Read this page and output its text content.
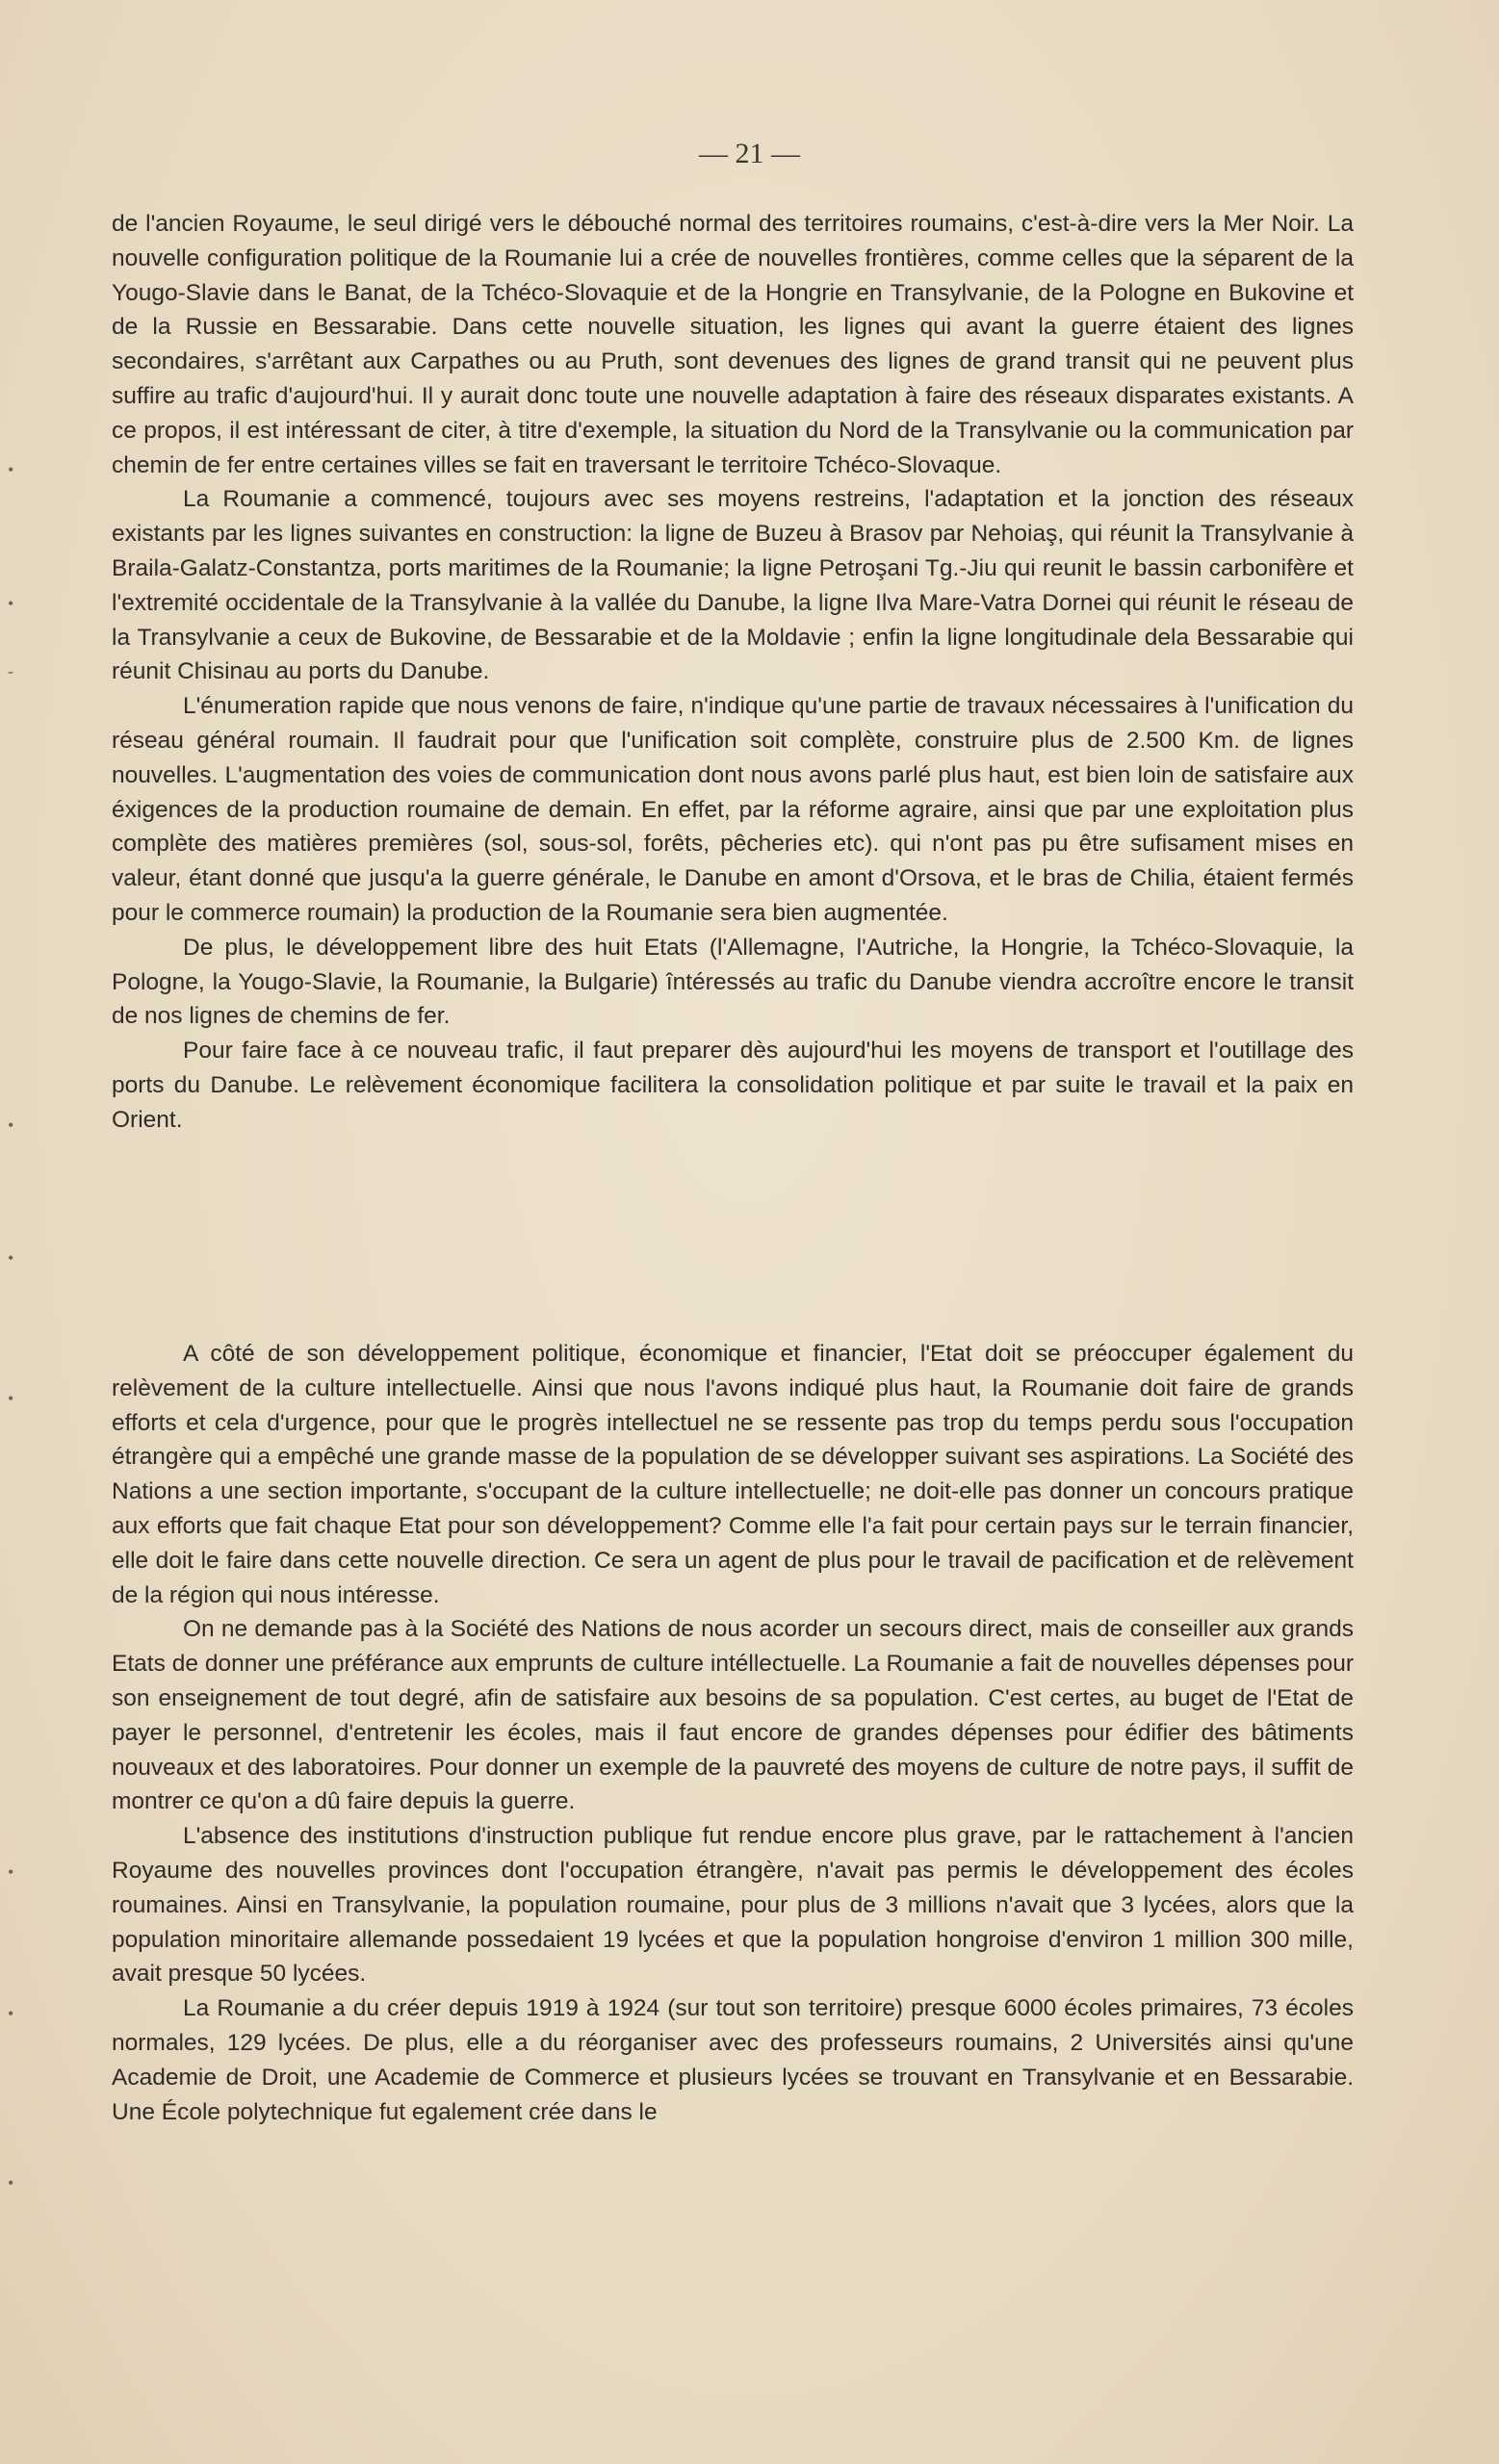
— 21 —
•
•
-
•
•
•
•
•
•

de l'ancien Royaume, le seul dirigé vers le débouché normal des territoires roumains, c'est-à-dire vers la Mer Noir. La nouvelle configuration politique de la Roumanie lui a crée de nouvelles frontières, comme celles que la séparent de la Yougo-Slavie dans le Banat, de la Tchéco-Slovaquie et de la Hongrie en Transylvanie, de la Pologne en Bukovine et de la Russie en Bessarabie. Dans cette nouvelle situation, les lignes qui avant la guerre étaient des lignes secondaires, s'arrêtant aux Carpathes ou au Pruth, sont devenues des lignes de grand transit qui ne peuvent plus suffire au trafic d'aujourd'hui. Il y aurait donc toute une nouvelle adaptation à faire des réseaux disparates existants. A ce propos, il est intéressant de citer, à titre d'exemple, la situation du Nord de la Transylvanie ou la communication par chemin de fer entre certaines villes se fait en traversant le territoire Tchéco-Slovaque.

La Roumanie a commencé, toujours avec ses moyens restreins, l'adaptation et la jonction des réseaux existants par les lignes suivantes en construction: la ligne de Buzeu à Brasov par Nehoiaş, qui réunit la Transylvanie à Braila-Galatz-Constantza, ports maritimes de la Roumanie; la ligne Petroşani Tg.-Jiu qui reunit le bassin carbonifère et l'extremité occidentale de la Transylvanie à la vallée du Danube, la ligne Ilva Mare-Vatra Dornei qui réunit le réseau de la Transylvanie a ceux de Bukovine, de Bessarabie et de la Moldavie ; enfin la ligne longitudinale dela Bessarabie qui réunit Chisinau au ports du Danube.

L'énumeration rapide que nous venons de faire, n'indique qu'une partie de travaux nécessaires à l'unification du réseau général roumain. Il faudrait pour que l'unification soit complète, construire plus de 2.500 Km. de lignes nouvelles. L'augmentation des voies de communication dont nous avons parlé plus haut, est bien loin de satisfaire aux éxigences de la production roumaine de demain. En effet, par la réforme agraire, ainsi que par une exploitation plus complète des matières premières (sol, sous-sol, forêts, pêcheries etc). qui n'ont pas pu être sufisament mises en valeur, étant donné que jusqu'a la guerre générale, le Danube en amont d'Orsova, et le bras de Chilia, étaient fermés pour le commerce roumain) la production de la Roumanie sera bien augmentée.

De plus, le développement libre des huit Etats (l'Allemagne, l'Autriche, la Hongrie, la Tchéco-Slovaquie, la Pologne, la Yougo-Slavie, la Roumanie, la Bulgarie) întéressés au trafic du Danube viendra accroître encore le transit de nos lignes de chemins de fer.

Pour faire face à ce nouveau trafic, il faut preparer dès aujourd'hui les moyens de transport et l'outillage des ports du Danube. Le relèvement économique facilitera la consolidation politique et par suite le travail et la paix en Orient.

A côté de son développement politique, économique et financier, l'Etat doit se préoccuper également du relèvement de la culture intellectuelle. Ainsi que nous l'avons indiqué plus haut, la Roumanie doit faire de grands efforts et cela d'urgence, pour que le progrès intellectuel ne se ressente pas trop du temps perdu sous l'occupation étrangère qui a empêché une grande masse de la population de se développer suivant ses aspirations. La Société des Nations a une section importante, s'occupant de la culture intellectuelle; ne doit-elle pas donner un concours pratique aux efforts que fait chaque Etat pour son développement? Comme elle l'a fait pour certain pays sur le terrain financier, elle doit le faire dans cette nouvelle direction. Ce sera un agent de plus pour le travail de pacification et de relèvement de la région qui nous intéresse.

On ne demande pas à la Société des Nations de nous acorder un secours direct, mais de conseiller aux grands Etats de donner une préférance aux emprunts de culture intéllectuelle. La Roumanie a fait de nouvelles dépenses pour son enseignement de tout degré, afin de satisfaire aux besoins de sa population. C'est certes, au buget de l'Etat de payer le personnel, d'entretenir les écoles, mais il faut encore de grandes dépenses pour édifier des bâtiments nouveaux et des laboratoires. Pour donner un exemple de la pauvreté des moyens de culture de notre pays, il suffit de montrer ce qu'on a dû faire depuis la guerre.

L'absence des institutions d'instruction publique fut rendue encore plus grave, par le rattachement à l'ancien Royaume des nouvelles provinces dont l'occupation étrangère, n'avait pas permis le développement des écoles roumaines. Ainsi en Transylvanie, la population roumaine, pour plus de 3 millions n'avait que 3 lycées, alors que la population minoritaire allemande possedaient 19 lycées et que la population hongroise d'environ 1 million 300 mille, avait presque 50 lycées.

La Roumanie a du créer depuis 1919 à 1924 (sur tout son territoire) presque 6000 écoles primaires, 73 écoles normales, 129 lycées. De plus, elle a du réorganiser avec des professeurs roumains, 2 Universités ainsi qu'une Academie de Droit, une Academie de Commerce et plusieurs lycées se trouvant en Transylvanie et en Bessarabie. Une École polytechnique fut egalement crée dans le
